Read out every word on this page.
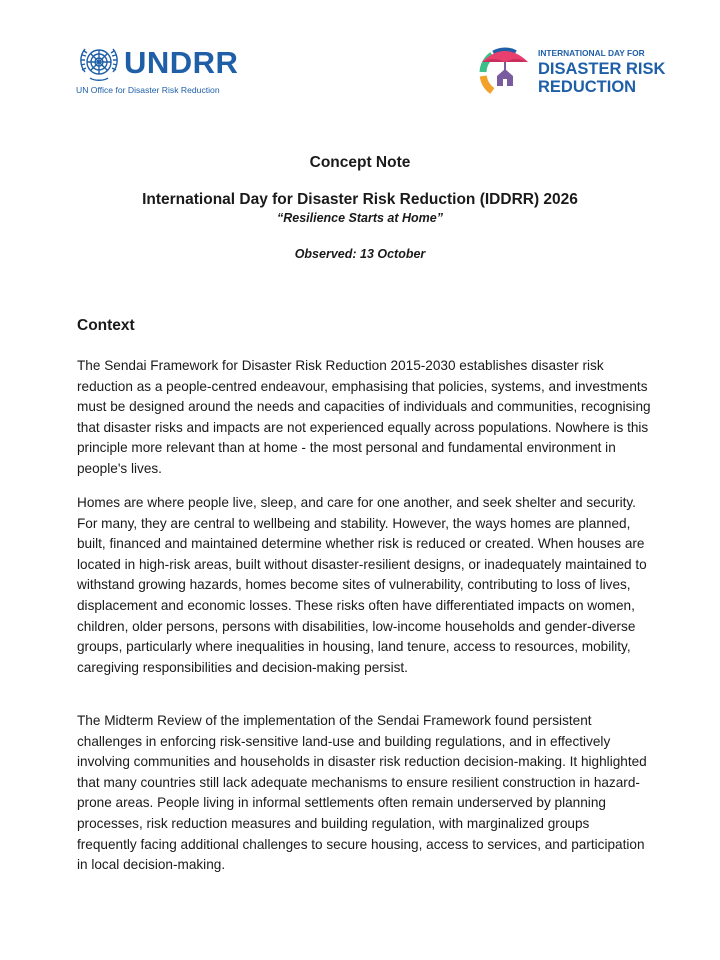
UNDRR
UN Office for Disaster Risk Reduction
INTERNATIONAL DAY FOR
DISASTER RISK
REDUCTION

Concept Note

International Day for Disaster Risk Reduction (IDDRR) 2026

“Resilience Starts at Home”

Observed: 13 October

Context

The Sendai Framework for Disaster Risk Reduction 2015-2030 establishes disaster risk reduction as a people-centred endeavour, emphasising that policies, systems, and investments must be designed around the needs and capacities of individuals and communities, recognising that disaster risks and impacts are not experienced equally across populations. Nowhere is this principle more relevant than at home - the most personal and fundamental environment in people's lives.

Homes are where people live, sleep, and care for one another, and seek shelter and security. For many, they are central to wellbeing and stability. However, the ways homes are planned, built, financed and maintained determine whether risk is reduced or created. When houses are located in high-risk areas, built without disaster-resilient designs, or inadequately maintained to withstand growing hazards, homes become sites of vulnerability, contributing to loss of lives, displacement and economic losses. These risks often have differentiated impacts on women, children, older persons, persons with disabilities, low-income households and gender-diverse groups, particularly where inequalities in housing, land tenure, access to resources, mobility, caregiving responsibilities and decision-making persist.

The Midterm Review of the implementation of the Sendai Framework found persistent challenges in enforcing risk-sensitive land-use and building regulations, and in effectively involving communities and households in disaster risk reduction decision-making. It highlighted that many countries still lack adequate mechanisms to ensure resilient construction in hazard-prone areas. People living in informal settlements often remain underserved by planning processes, risk reduction measures and building regulation, with marginalized groups frequently facing additional challenges to secure housing, access to services, and participation in local decision-making.
